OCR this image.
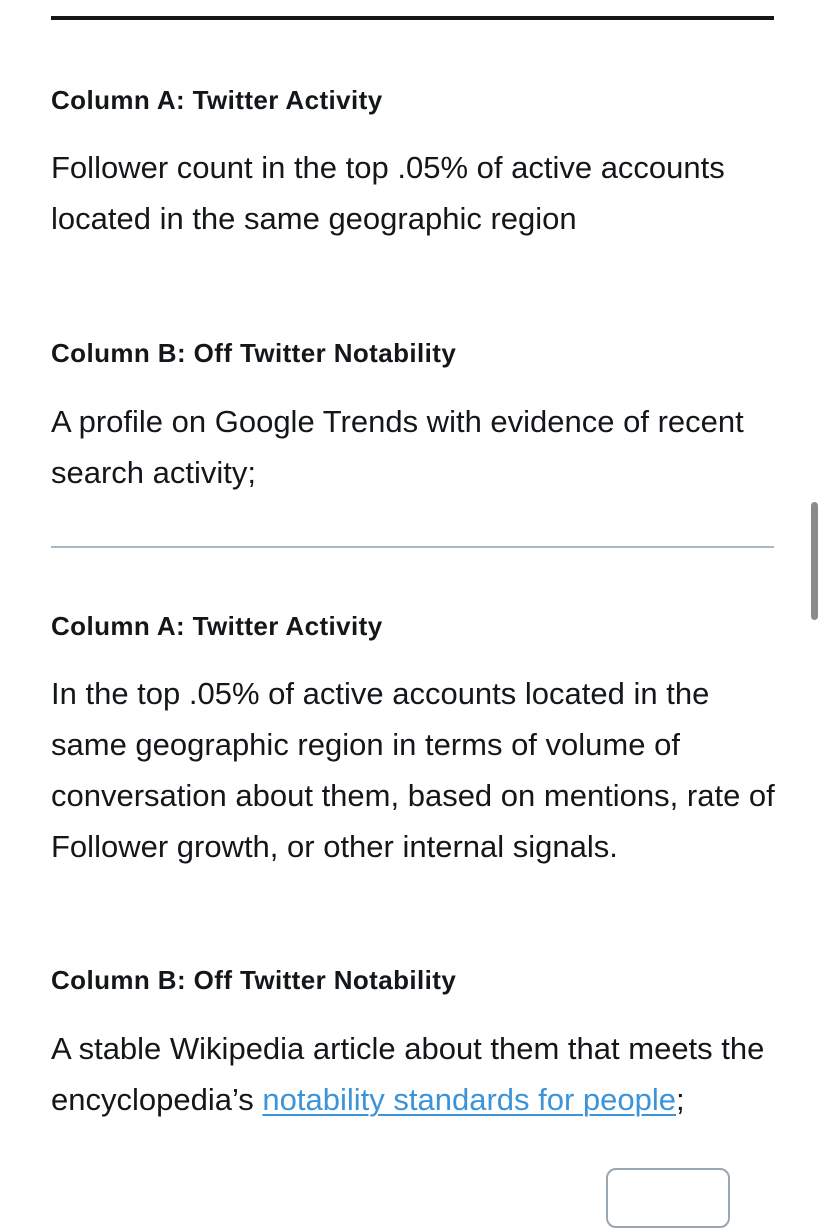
Column A: Twitter Activity

Follower count in the top .05% of active accounts located in the same geographic region

Column B: Off Twitter Notability

A profile on Google Trends with evidence of recent search activity;

Column A: Twitter Activity

In the top .05% of active accounts located in the same geographic region in terms of volume of conversation about them, based on mentions, rate of Follower growth, or other internal signals.

Column B: Off Twitter Notability

A stable Wikipedia article about them that meets the encyclopedia’s notability standards for people;
